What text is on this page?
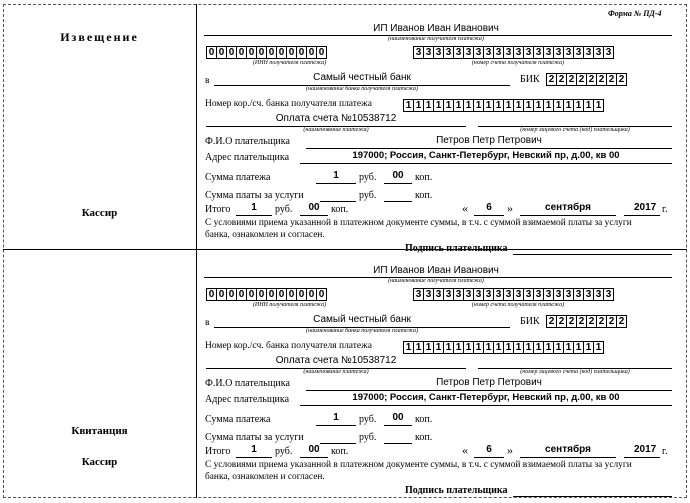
Извещение
Кассир
Квитанция
Кассир
Форма № ПД-4
ИП Иванов Иван Иванович
(наименование получателя платежа)
0 0 0 0 0 0 0 0 0 0 0 0
(ИНН получателя платежа)
3 3 3 3 3 3 3 3 3 3 3 3 3 3 3 3 3 3 3 3
(номер счета получателя платежа)
в	Самый честный банк
(наименование банка получателя платежа)
БИК 2 2 2 2 2 2 2 2
Номер кор./сч. банка получателя платежа	1 1 1 1 1 1 1 1 1 1 1 1 1 1 1 1 1 1 1 1
Оплата счета №10538712
(наименование платежа)	(номер лицевого счета (код) плательщика)
Ф.И.О плательщика	Петров Петр Петрович
Адрес плательщика	197000; Россия, Санкт-Петербург, Невский пр, д.00, кв 00
Сумма платежа	1	руб.	00	коп.
Сумма платы за услуги	руб.	коп.
Итого	1	руб.	00	коп.	«	6	»	сентября	2017 г.
С условиями приема указанной в платежном документе суммы, в т.ч. с суммой взимаемой платы за услуги
банка, ознакомлен и согласен.
Подпись плательщика
ИП Иванов Иван Иванович
(наименование получателя платежа)
0 0 0 0 0 0 0 0 0 0 0 0
(ИНН получателя платежа)
3 3 3 3 3 3 3 3 3 3 3 3 3 3 3 3 3 3 3 3
(номер счета получателя платежа)
в	Самый честный банк
(наименование банка получателя платежа)
БИК 2 2 2 2 2 2 2 2
Номер кор./сч. банка получателя платежа	1 1 1 1 1 1 1 1 1 1 1 1 1 1 1 1 1 1 1 1
Оплата счета №10538712
(наименование платежа)	(номер лицевого счета (код) плательщика)
Ф.И.О плательщика	Петров Петр Петрович
Адрес плательщика	197000; Россия, Санкт-Петербург, Невский пр, д.00, кв 00
Сумма платежа	1	руб.	00	коп.
Сумма платы за услуги	руб.	коп.
Итого	1	руб.	00	коп.	«	6	»	сентября	2017 г.
С условиями приема указанной в платежном документе суммы, в т.ч. с суммой взимаемой платы за услуги
банка, ознакомлен и согласен.
Подпись плательщика
